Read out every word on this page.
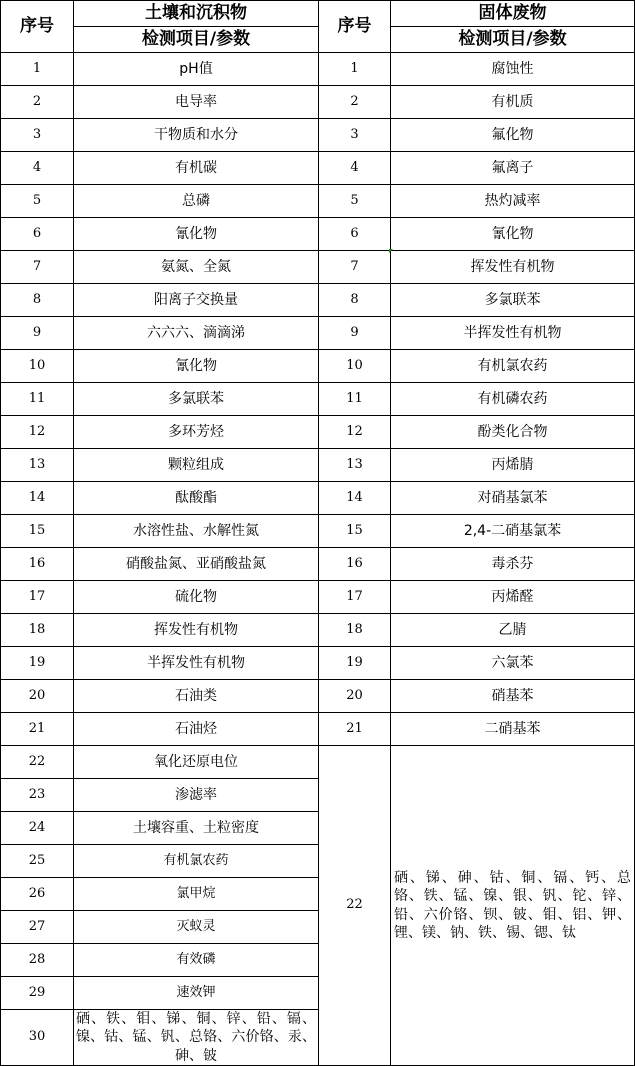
序号	土壤和沉积物	序号	固体废物
	检测项目/参数		检测项目/参数
1	pH值	1	腐蚀性
2	电导率	2	有机质
3	干物质和水分	3	氟化物
4	有机碳	4	氟离子
5	总磷	5	热灼减率
6	氰化物	6	氰化物
7	氨氮、全氮	7	挥发性有机物
8	阳离子交换量	8	多氯联苯
9	六六六、滴滴涕	9	半挥发性有机物
10	氰化物	10	有机氯农药
11	多氯联苯	11	有机磷农药
12	多环芳烃	12	酚类化合物
13	颗粒组成	13	丙烯腈
14	酞酸酯	14	对硝基氯苯
15	水溶性盐、水解性氮	15	2,4-二硝基氯苯
16	硝酸盐氮、亚硝酸盐氮	16	毒杀芬
17	硫化物	17	丙烯醛
18	挥发性有机物	18	乙腈
19	半挥发性有机物	19	六氯苯
20	石油类	20	硝基苯
21	石油烃	21	二硝基苯
22	氧化还原电位	22	硒、锑、砷、钴、铜、镉、钙、总铬、铁、锰、镍、银、钒、铊、锌、铅、六价铬、钡、铍、钼、铝、钾、锂、镁、钠、铁、锡、锶、钛
23	渗滤率		
24	土壤容重、土粒密度		
25	有机氯农药		
26	氯甲烷		
27	灭蚁灵		
28	有效磷		
29	速效钾		
30	硒、铁、钼、锑、铜、锌、铅、镉、镍、钴、锰、钒、总铬、六价铬、汞、砷、铍		
